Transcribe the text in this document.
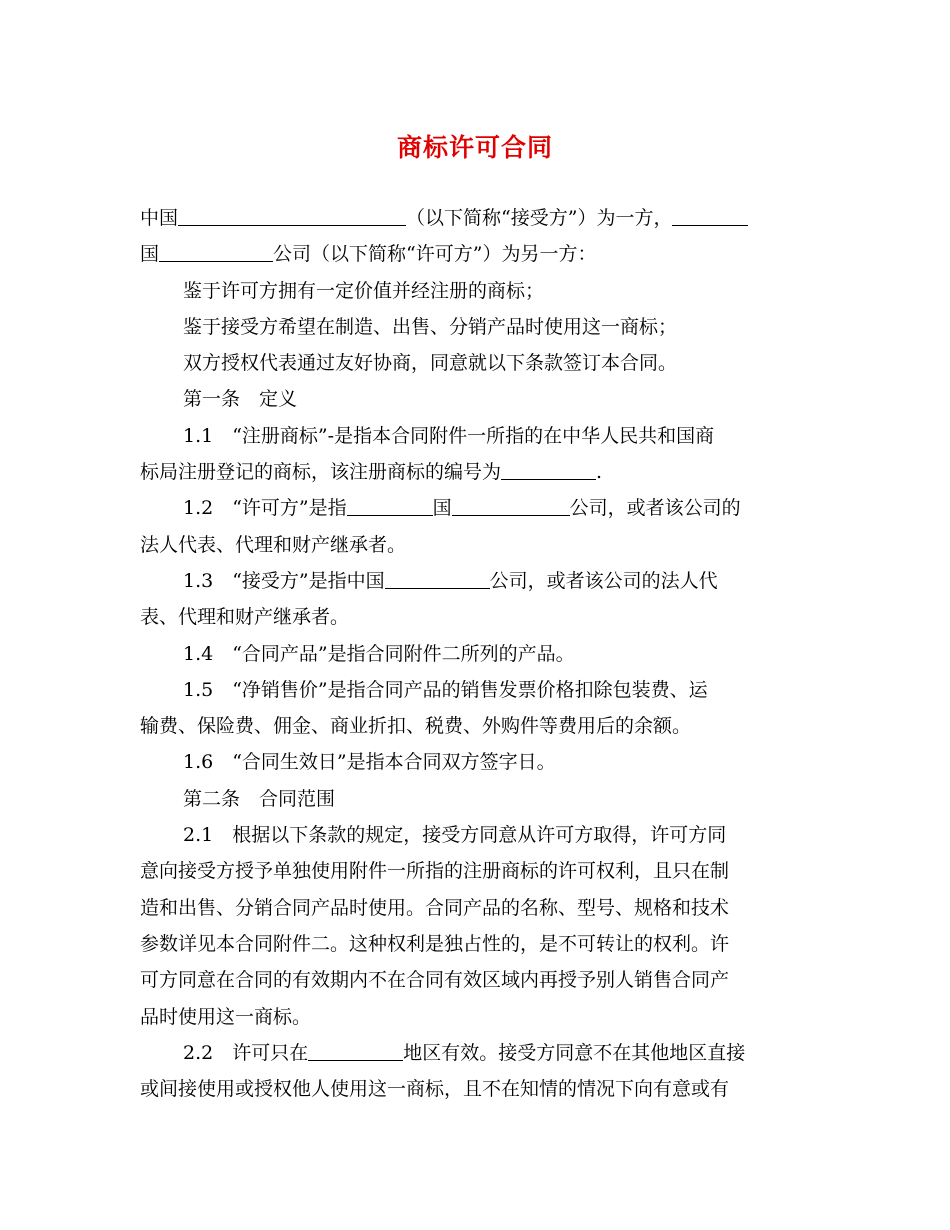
商标许可合同
中国	（以下简称“接受方”）为一方，
国	公司（以下简称“许可方”）为另一方：
鉴于许可方拥有一定价值并经注册的商标；
鉴于接受方希望在制造、出售、分销产品时使用这一商标；
双方授权代表通过友好协商，同意就以下条款签订本合同。
第一条　定义
1.1　“注册商标”-是指本合同附件一所指的在中华人民共和国商
标局注册登记的商标，该注册商标的编号为	.
1.2　“许可方”是指	国	公司，或者该公司的
法人代表、代理和财产继承者。
1.3　“接受方”是指中国	公司，或者该公司的法人代
表、代理和财产继承者。
1.4　“合同产品”是指合同附件二所列的产品。
1.5　“净销售价”是指合同产品的销售发票价格扣除包装费、运
输费、保险费、佣金、商业折扣、税费、外购件等费用后的余额。
1.6　“合同生效日”是指本合同双方签字日。
第二条　合同范围
2.1　根据以下条款的规定，接受方同意从许可方取得，许可方同
意向接受方授予单独使用附件一所指的注册商标的许可权利，且只在制
造和出售、分销合同产品时使用。合同产品的名称、型号、规格和技术
参数详见本合同附件二。这种权利是独占性的，是不可转让的权利。许
可方同意在合同的有效期内不在合同有效区域内再授予别人销售合同产
品时使用这一商标。
2.2　许可只在	地区有效。接受方同意不在其他地区直接
或间接使用或授权他人使用这一商标，且不在知情的情况下向有意或有
